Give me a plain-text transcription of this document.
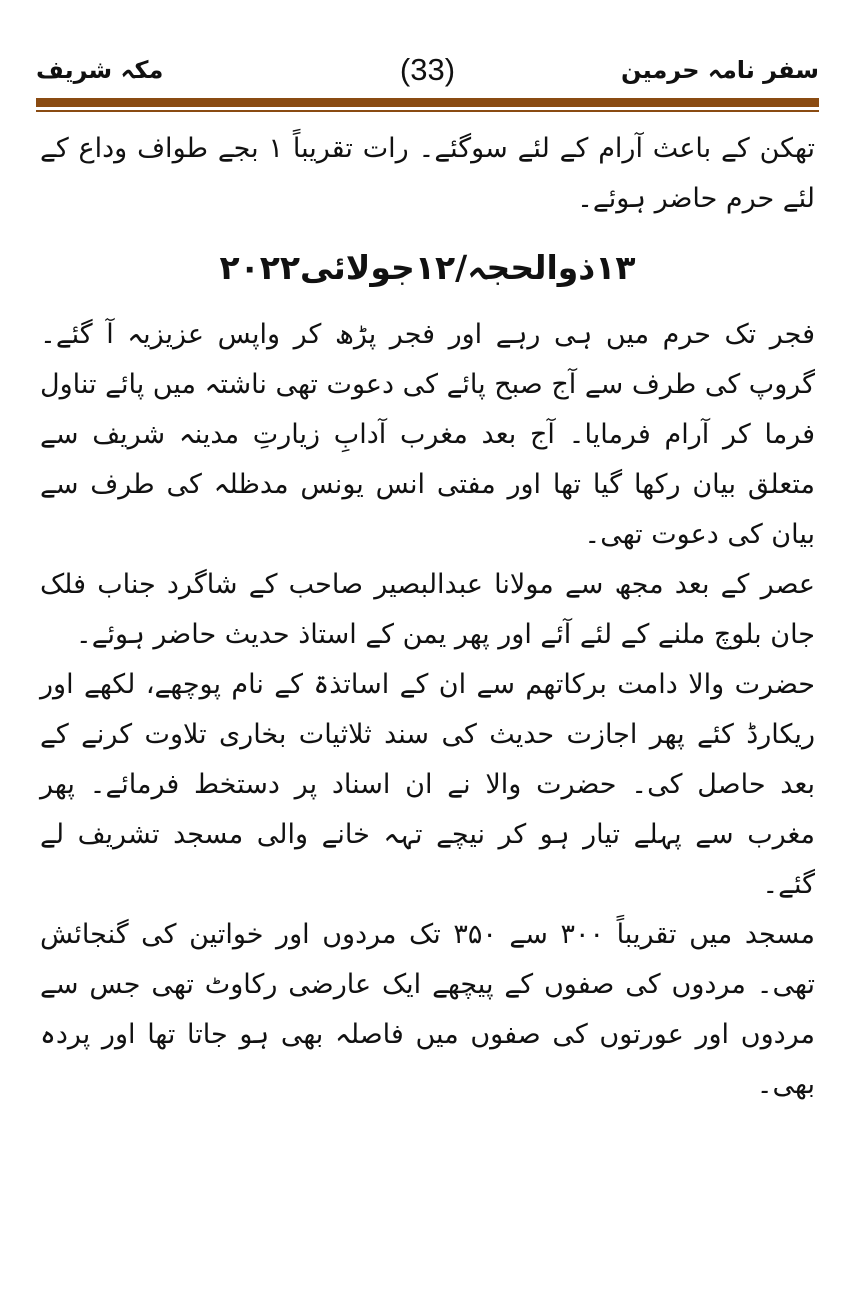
سفر نامہ حرمین
(33)
مکہ شریف

تھکن کے باعث آرام کے لئے سوگئے۔ رات تقریباً ۱ بجے طواف وداع کے لئے حرم حاضر ہوئے۔

۱۳ذوالحجہ/۱۲جولائی۲۰۲۲

فجر تک حرم میں ہی رہے اور فجر پڑھ کر واپس عزیزیہ آ گئے۔ گروپ کی طرف سے آج صبح پائے کی دعوت تھی ناشتہ میں پائے تناول فرما کر آرام فرمایا۔ آج بعد مغرب آدابِ زیارتِ مدینہ شریف سے متعلق بیان رکھا گیا تھا اور مفتی انس یونس مدظلہ کی طرف سے بیان کی دعوت تھی۔

عصر کے بعد مجھ سے مولانا عبدالبصیر صاحب کے شاگرد جناب فلک جان بلوچ ملنے کے لئے آئے اور پھر یمن کے استاذ حدیث حاضر ہوئے۔

حضرت والا دامت برکاتھم سے ان کے اساتذۃ کے نام پوچھے، لکھے اور ریکارڈ کئے پھر اجازت حدیث کی سند ثلاثیات بخاری تلاوت کرنے کے بعد حاصل کی۔ حضرت والا نے ان اسناد پر دستخط فرمائے۔ پھر مغرب سے پہلے تیار ہو کر نیچے تہہ خانے والی مسجد تشریف لے گئے۔

مسجد میں تقریباً ۳۰۰ سے ۳۵۰ تک مردوں اور خواتین کی گنجائش تھی۔ مردوں کی صفوں کے پیچھے ایک عارضی رکاوٹ تھی جس سے مردوں اور عورتوں کی صفوں میں فاصلہ بھی ہو جاتا تھا اور پردہ بھی۔
